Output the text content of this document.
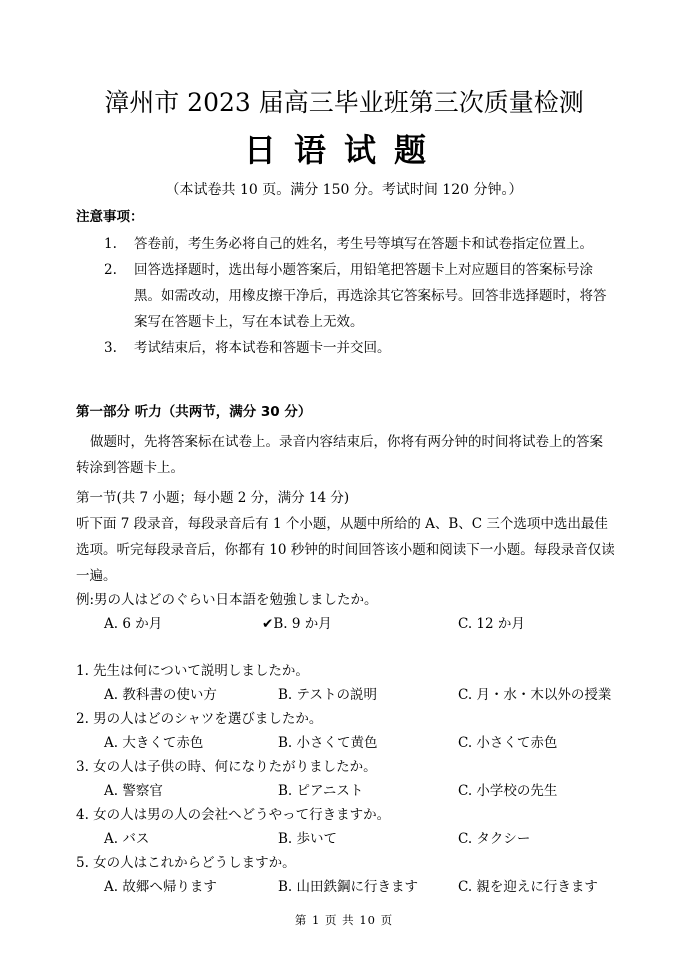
漳州市 2023 届高三毕业班第三次质量检测
日语试题
（本试卷共 10 页。满分 150 分。考试时间 120 分钟。）
注意事项：
1. 答卷前，考生务必将自己的姓名，考生号等填写在答题卡和试卷指定位置上。
2. 回答选择题时，选出每小题答案后，用铅笔把答题卡上对应题目的答案标号涂黑。如需改动，用橡皮擦干净后，再选涂其它答案标号。回答非选择题时，将答案写在答题卡上，写在本试卷上无效。
3. 考试结束后，将本试卷和答题卡一并交回。
第一部分 听力（共两节，满分 30 分）
做题时，先将答案标在试卷上。录音内容结束后，你将有两分钟的时间将试卷上的答案转涂到答题卡上。
第一节(共 7 小题；每小题 2 分，满分 14 分)
听下面 7 段录音，每段录音后有 1 个小题，从题中所给的 A、B、C 三个选项中选出最佳选项。听完每段录音后，你都有 10 秒钟的时间回答该小题和阅读下一小题。每段录音仅读一遍。
例:男の人はどのぐらい日本語を勉強しましたか。
A. 6 か月	✔B. 9 か月	C. 12 か月
1. 先生は何について説明しましたか。
A. 教科書の使い方	B. テストの説明	C. 月・水・木以外の授業
2. 男の人はどのシャツを選びましたか。
A. 大きくて赤色	B. 小さくて黄色	C. 小さくて赤色
3. 女の人は子供の時、何になりたがりましたか。
A. 警察官	B. ピアニスト	C. 小学校の先生
4. 女の人は男の人の会社へどうやって行きますか。
A. バス	B. 歩いて	C. タクシー
5. 女の人はこれからどうしますか。
A. 故郷へ帰ります	B. 山田鉄鋼に行きます	C. 親を迎えに行きます
第 1 页 共 10 页
